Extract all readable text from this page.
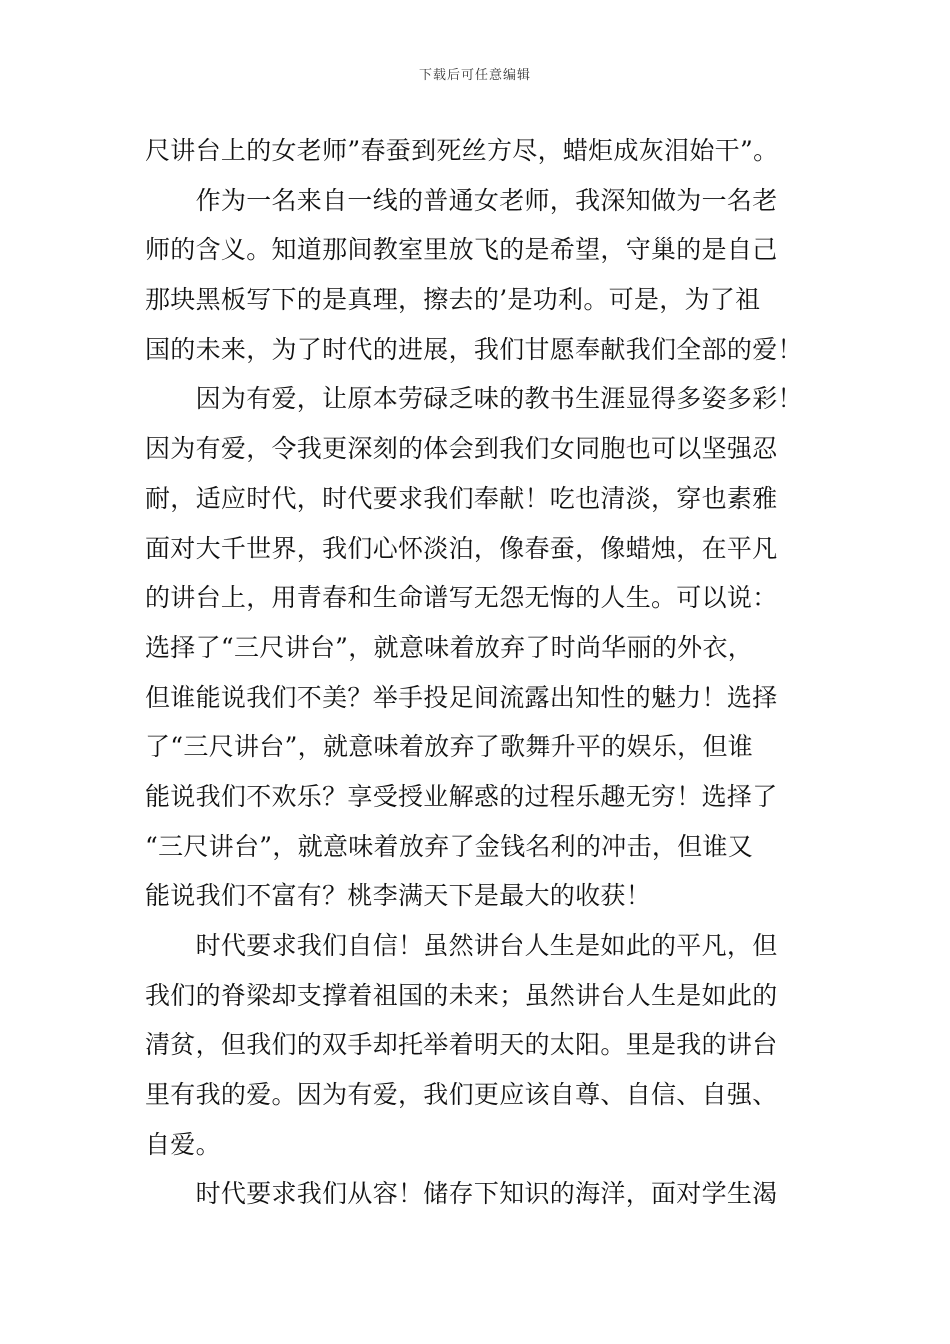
下载后可任意编辑
尺讲台上的女老师”春蚕到死丝方尽，蜡炬成灰泪始干”。
　　作为一名来自一线的普通女老师，我深知做为一名老
师的含义。知道那间教室里放飞的是希望，守巢的是自己
那块黑板写下的是真理，擦去的’是功利。可是，为了祖
国的未来，为了时代的进展，我们甘愿奉献我们全部的爱！
　　因为有爱，让原本劳碌乏味的教书生涯显得多姿多彩！
因为有爱，令我更深刻的体会到我们女同胞也可以坚强忍
耐，适应时代，时代要求我们奉献！吃也清淡，穿也素雅
面对大千世界，我们心怀淡泊，像春蚕，像蜡烛，在平凡
的讲台上，用青春和生命谱写无怨无悔的人生。可以说：
选择了“三尺讲台”，就意味着放弃了时尚华丽的外衣，
但谁能说我们不美？举手投足间流露出知性的魅力！选择
了“三尺讲台”，就意味着放弃了歌舞升平的娱乐，但谁
能说我们不欢乐？享受授业解惑的过程乐趣无穷！选择了
“三尺讲台”，就意味着放弃了金钱名利的冲击，但谁又
能说我们不富有？桃李满天下是最大的收获！
　　时代要求我们自信！虽然讲台人生是如此的平凡，但
我们的脊梁却支撑着祖国的未来；虽然讲台人生是如此的
清贫，但我们的双手却托举着明天的太阳。里是我的讲台
里有我的爱。因为有爱，我们更应该自尊、自信、自强、
自爱。
　　时代要求我们从容！储存下知识的海洋，面对学生渴
